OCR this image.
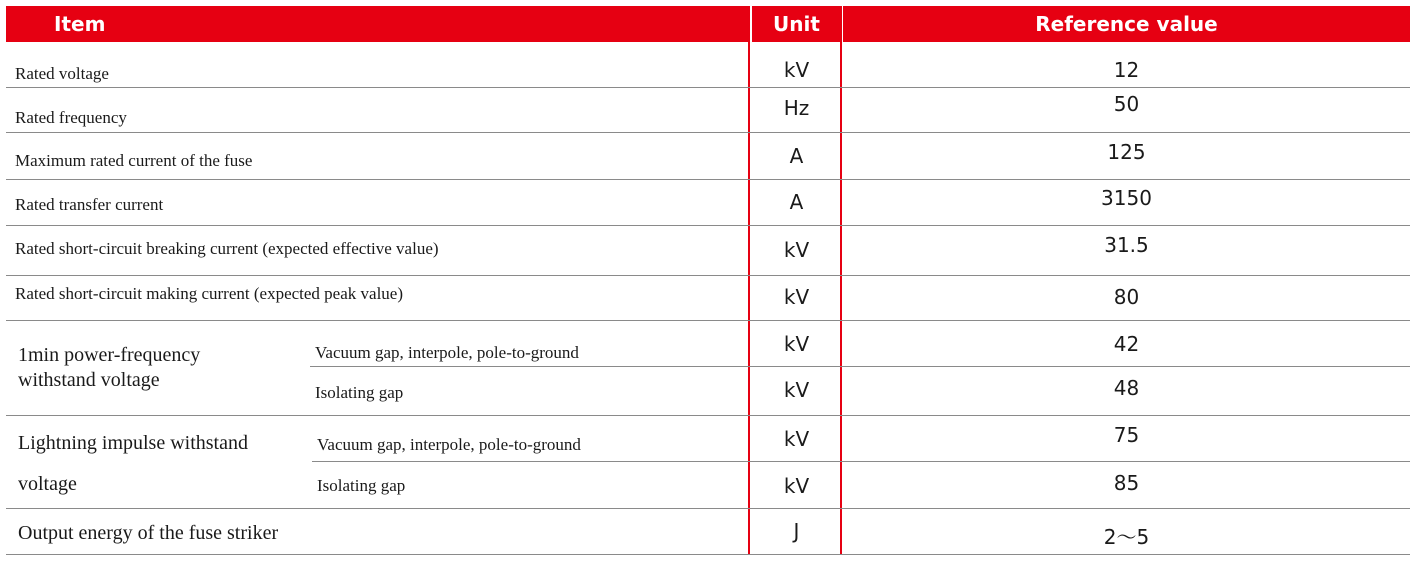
Item	Unit	Reference value
Rated voltage	kV	12
Rated frequency	Hz	50
Maximum rated current of the fuse	A	125
Rated transfer current	A	3150
Rated short-circuit breaking current (expected effective value)	kV	31.5
Rated short-circuit making current (expected peak value)	kV	80
1min power-frequency
withstand voltage
Vacuum gap, interpole, pole-to-ground	kV	42
Isolating gap	kV	48
Lightning impulse withstand
voltage
Vacuum gap, interpole, pole-to-ground	kV	75
Isolating gap	kV	85
Output energy of the fuse striker	J	2～5
